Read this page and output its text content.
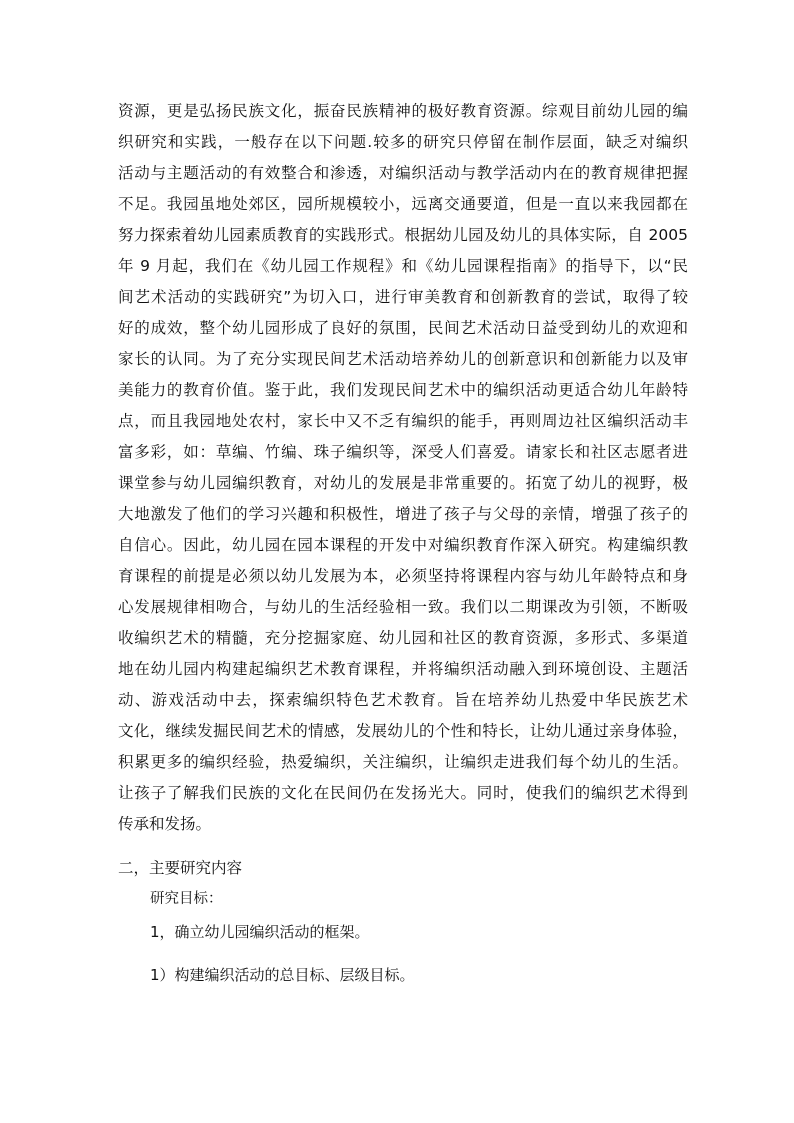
资源，更是弘扬民族文化，振奋民族精神的极好教育资源。综观目前幼儿园的编
织研究和实践，一般存在以下问题.较多的研究只停留在制作层面，缺乏对编织
活动与主题活动的有效整合和渗透，对编织活动与教学活动内在的教育规律把握
不足。我园虽地处郊区，园所规模较小，远离交通要道，但是一直以来我园都在
努力探索着幼儿园素质教育的实践形式。根据幼儿园及幼儿的具体实际，自 2005
年 9 月起，我们在《幼儿园工作规程》和《幼儿园课程指南》的指导下，以“民
间艺术活动的实践研究”为切入口，进行审美教育和创新教育的尝试，取得了较
好的成效，整个幼儿园形成了良好的氛围，民间艺术活动日益受到幼儿的欢迎和
家长的认同。为了充分实现民间艺术活动培养幼儿的创新意识和创新能力以及审
美能力的教育价值。鉴于此，我们发现民间艺术中的编织活动更适合幼儿年龄特
点，而且我园地处农村，家长中又不乏有编织的能手，再则周边社区编织活动丰
富多彩，如：草编、竹编、珠子编织等，深受人们喜爱。请家长和社区志愿者进
课堂参与幼儿园编织教育，对幼儿的发展是非常重要的。拓宽了幼儿的视野，极
大地激发了他们的学习兴趣和积极性，增进了孩子与父母的亲情，增强了孩子的
自信心。因此，幼儿园在园本课程的开发中对编织教育作深入研究。构建编织教
育课程的前提是必须以幼儿发展为本，必须坚持将课程内容与幼儿年龄特点和身
心发展规律相吻合，与幼儿的生活经验相一致。我们以二期课改为引领，不断吸
收编织艺术的精髓，充分挖掘家庭、幼儿园和社区的教育资源，多形式、多渠道
地在幼儿园内构建起编织艺术教育课程，并将编织活动融入到环境创设、主题活
动、游戏活动中去，探索编织特色艺术教育。旨在培养幼儿热爱中华民族艺术
文化，继续发掘民间艺术的情感，发展幼儿的个性和特长，让幼儿通过亲身体验，
积累更多的编织经验，热爱编织，关注编织，让编织走进我们每个幼儿的生活。
让孩子了解我们民族的文化在民间仍在发扬光大。同时，使我们的编织艺术得到
传承和发扬。
二，主要研究内容
研究目标：
1，确立幼儿园编织活动的框架。
1）构建编织活动的总目标、层级目标。
